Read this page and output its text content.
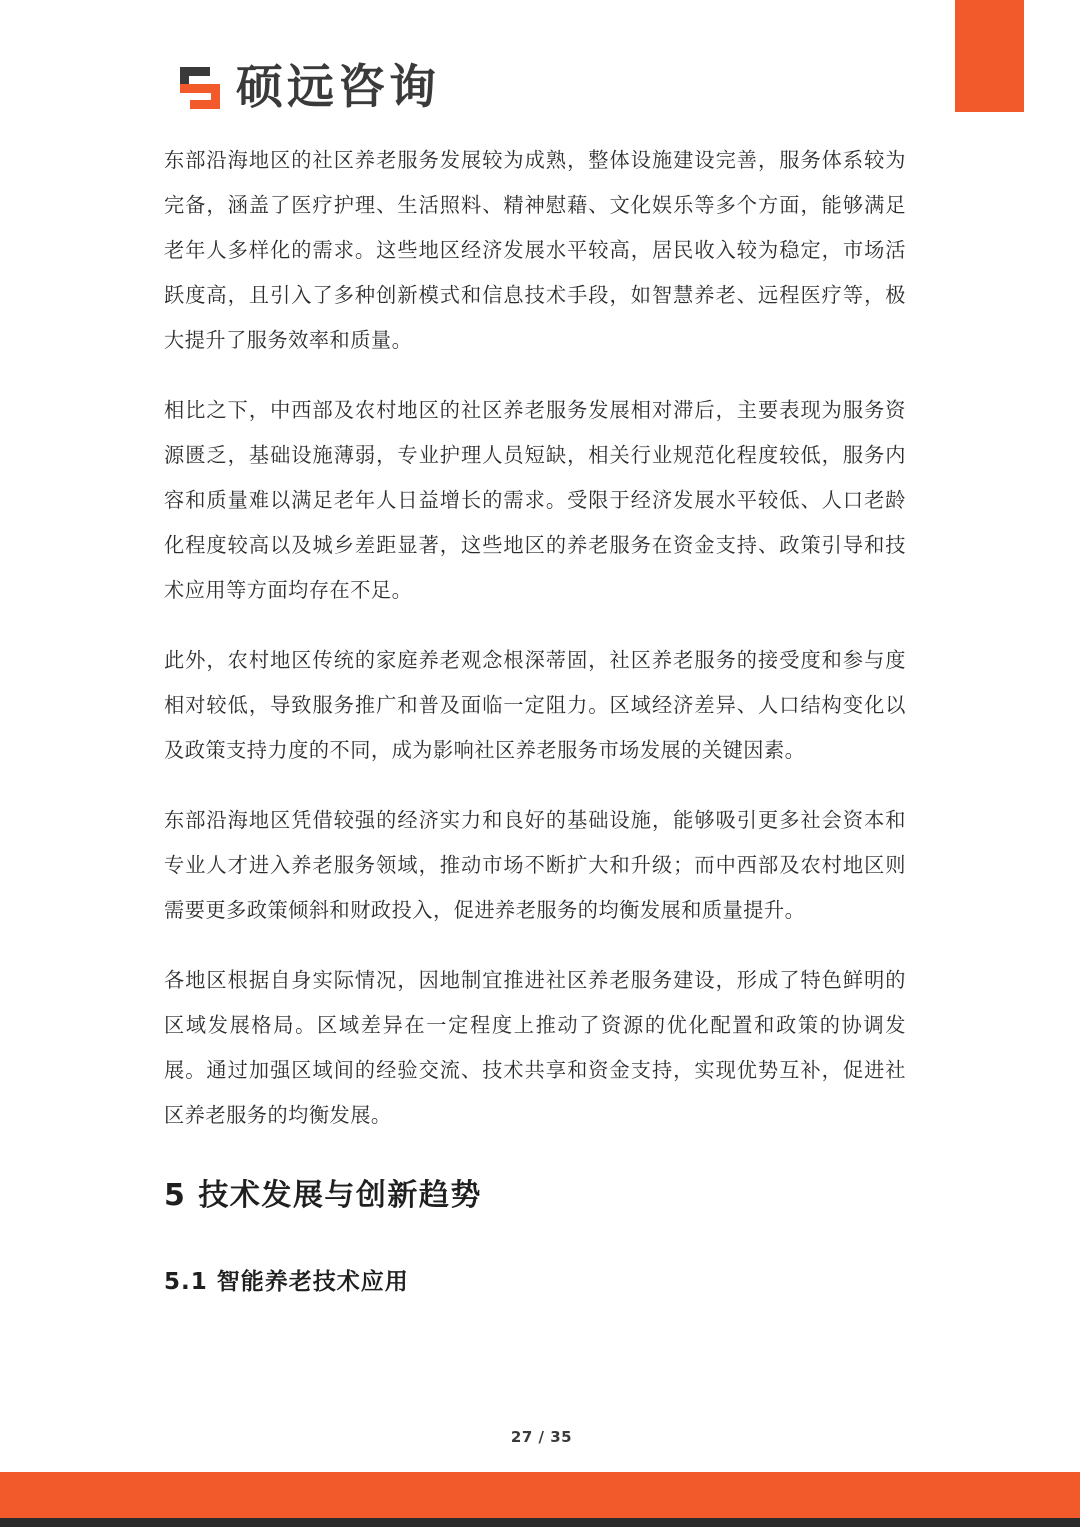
硕远咨询

东部沿海地区的社区养老服务发展较为成熟，整体设施建设完善，服务体系较为完备，涵盖了医疗护理、生活照料、精神慰藉、文化娱乐等多个方面，能够满足老年人多样化的需求。这些地区经济发展水平较高，居民收入较为稳定，市场活跃度高，且引入了多种创新模式和信息技术手段，如智慧养老、远程医疗等，极大提升了服务效率和质量。

相比之下，中西部及农村地区的社区养老服务发展相对滞后，主要表现为服务资源匮乏，基础设施薄弱，专业护理人员短缺，相关行业规范化程度较低，服务内容和质量难以满足老年人日益增长的需求。受限于经济发展水平较低、人口老龄化程度较高以及城乡差距显著，这些地区的养老服务在资金支持、政策引导和技术应用等方面均存在不足。

此外，农村地区传统的家庭养老观念根深蒂固，社区养老服务的接受度和参与度相对较低，导致服务推广和普及面临一定阻力。区域经济差异、人口结构变化以及政策支持力度的不同，成为影响社区养老服务市场发展的关键因素。

东部沿海地区凭借较强的经济实力和良好的基础设施，能够吸引更多社会资本和专业人才进入养老服务领域，推动市场不断扩大和升级；而中西部及农村地区则需要更多政策倾斜和财政投入，促进养老服务的均衡发展和质量提升。

各地区根据自身实际情况，因地制宜推进社区养老服务建设，形成了特色鲜明的区域发展格局。区域差异在一定程度上推动了资源的优化配置和政策的协调发展。通过加强区域间的经验交流、技术共享和资金支持，实现优势互补，促进社区养老服务的均衡发展。

5 技术发展与创新趋势
5.1 智能养老技术应用
27 / 35
